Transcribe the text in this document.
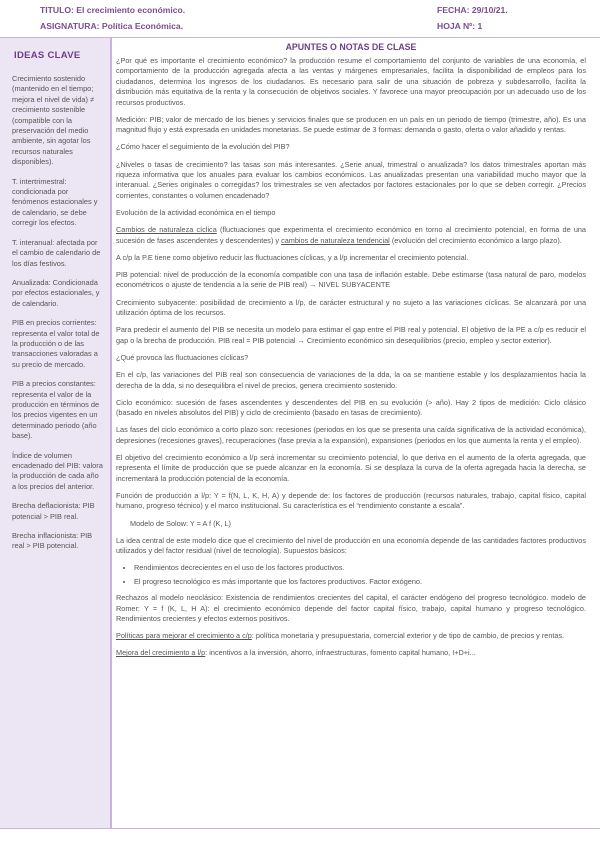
TITULO: El crecimiento económico.	FECHA: 29/10/21.
ASIGNATURA: Política Económica.	HOJA Nº: 1
IDEAS CLAVE
Crecimiento sostenido (mantenido en el tiempo; mejora el nivel de vida) ≠ crecimiento sostenible (compatible con la preservación del medio ambiente, sin agotar los recursos naturales disponibles).
T. intertrimestral: condicionada por fenómenos estacionales y de calendario, se debe corregir los efectos.
T. interanual: afectada por el cambio de calendario de los días festivos.
Anualizada: Condicionada por efectos estacionales, y de calendario.
PIB en precios corrientes: representa el valor total de la producción o de las transacciones valoradas a su precio de mercado.
PIB a precios constantes: representa el valor de la producción en términos de los precios vigentes en un determinado periodo (año base).
Índice de volumen encadenado del PIB: valora la producción de cada año a los precios del anterior.
Brecha deflacionista: PIB potencial > PIB real.
Brecha inflacionista: PIB real > PIB potencial.
APUNTES O NOTAS DE CLASE

¿Por qué es importante el crecimiento económico? la producción resume el comportamiento del conjunto de variables de una economía, el comportamiento de la producción agregada afecta a las ventas y márgenes empresariales, facilita la disponibilidad de empleos para los ciudadanos, determina los ingresos de los ciudadanos. Es necesario para salir de una situación de pobreza y subdesarrollo, facilita la distribución más equitativa de la renta y la consecución de objetivos sociales. Y favorece una mayor preocupación por un adecuado uso de los recursos productivos.

Medición: PIB; valor de mercado de los bienes y servicios finales que se producen en un país en un periodo de tiempo (trimestre, año). Es una magnitud flujo y está expresada en unidades monetarias. Se puede estimar de 3 formas: demanda o gasto, oferta o valor añadido y rentas.

¿Cómo hacer el seguimiento de la evolución del PIB?

¿Niveles o tasas de crecimiento? las tasas son más interesantes. ¿Serie anual, trimestral o anualizada? los datos trimestrales aportan más riqueza informativa que los anuales para evaluar los cambios económicos. Las anualizadas presentan una variabilidad mucho mayor que la interanual. ¿Series originales o corregidas? los trimestrales se ven afectados por factores estacionales por lo que se deben corregir. ¿Precios corrientes, constantes o volumen encadenado?

Evolución de la actividad económica en el tiempo

Cambios de naturaleza cíclica (fluctuaciones que experimenta el crecimiento económico en torno al crecimiento potencial, en forma de una sucesión de fases ascendentes y descendentes) y cambios de naturaleza tendencial (evolución del crecimiento económico a largo plazo).

A c/p la P.E tiene como objetivo reducir las fluctuaciones cíclicas, y a l/p incrementar el crecimiento potencial.

PIB potencial: nivel de producción de la economía compatible con una tasa de inflación estable. Debe estimarse (tasa natural de paro, modelos econométricos o ajuste de tendencia a la serie de PIB real) → NIVEL SUBYACENTE

Crecimiento subyacente: posibilidad de crecimiento a l/p, de carácter estructural y no sujeto a las variaciones cíclicas. Se alcanzará por una utilización óptima de los recursos.

Para predecir el aumento del PIB se necesita un modelo para estimar el gap entre el PIB real y potencial. El objetivo de la PE a c/p es reducir el gap o la brecha de producción. PIB real = PIB potencial → Crecimiento económico sin desequilibrios (precio, empleo y sector exterior).

¿Qué provoca las fluctuaciones cíclicas?

En el c/p, las variaciones del PIB real son consecuencia de variaciones de la dda, la oa se mantiene estable y los desplazamientos hacia la derecha de la dda, si no desequilibra el nivel de precios, genera crecimiento sostenido.

Ciclo económico: sucesión de fases ascendentes y descendentes del PIB en su evolución (> año). Hay 2 tipos de medición: Ciclo clásico (basado en niveles absolutos del PIB) y ciclo de crecimiento (basado en tasas de crecimiento).

Las fases del ciclo económico a corto plazo son: recesiones (periodos en los que se presenta una caída significativa de la actividad económica), depresiones (recesiones graves), recuperaciones (fase previa a la expansión), expansiones (periodos en los que aumenta la renta y el empleo).

El objetivo del crecimiento económico a l/p será incrementar su crecimiento potencial, lo que deriva en el aumento de la oferta agregada, que representa el límite de producción que se puede alcanzar en la economía. Si se desplaza la curva de la oferta agregada hacia la derecha, se incrementará la producción potencial de la economía.

Función de producción a l/p: Y = f(N, L, K, H, A) y depende de: los factores de producción (recursos naturales, trabajo, capital físico, capital humano, progreso técnico) y el marco institucional. Su característica es el “rendimiento constante a escala”.

Modelo de Solow: Y = A f (K, L)

La idea central de este modelo dice que el crecimiento del nivel de producción en una economía depende de las cantidades factores productivos utilizados y del factor residual (nivel de tecnología). Supuestos básicos:

• Rendimientos decrecientes en el uso de los factores productivos.
• El progreso tecnológico es más importante que los factores productivos. Factor exógeno.

Rechazos al modelo neoclásico: Existencia de rendimientos crecientes del capital, el carácter endógeno del progreso tecnológico. modelo de Romer: Y = f (K, L, H A): el crecimiento económico depende del factor capital físico, trabajo, capital humano y progreso tecnológico. Rendimientos crecientes y efectos externos positivos.

Políticas para mejorar el crecimiento a c/p: política monetaria y presupuestaria, comercial exterior y de tipo de cambio, de precios y rentas.

Mejora del crecimiento a l/p: incentivos a la inversión, ahorro, infraestructuras, fomento capital humano, I+D+i...
